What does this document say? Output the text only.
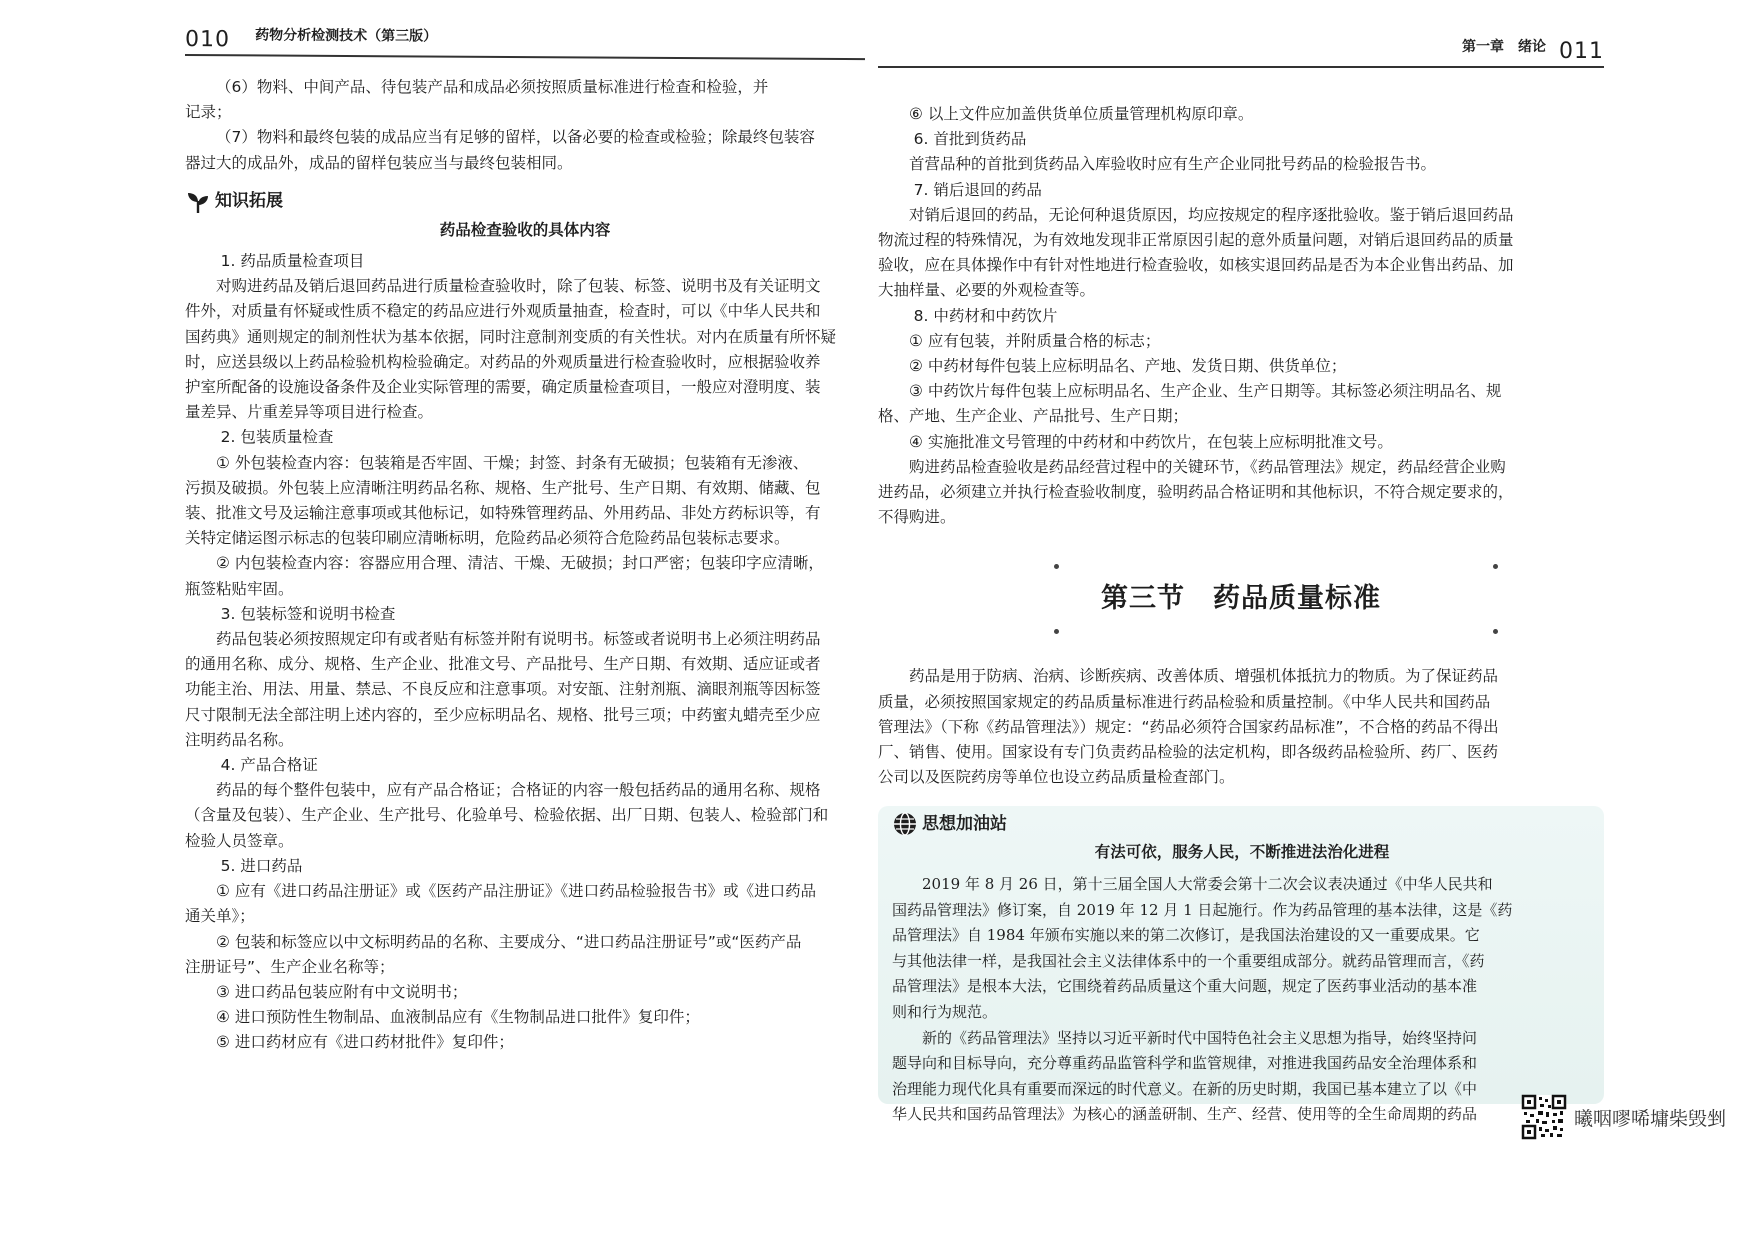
010 药物分析检测技术（第三版）

（6）物料、中间产品、待包装产品和成品必须按照质量标准进行检查和检验，并

记录；

（7）物料和最终包装的成品应当有足够的留样，以备必要的检查或检验；除最终包装容

器过大的成品外，成品的留样包装应当与最终包装相同。

知识拓展

药品检查验收的具体内容

1. 药品质量检查项目

对购进药品及销后退回药品进行质量检查验收时，除了包装、标签、说明书及有关证明文

件外，对质量有怀疑或性质不稳定的药品应进行外观质量抽查，检查时，可以《中华人民共和

国药典》通则规定的制剂性状为基本依据，同时注意制剂变质的有关性状。对内在质量有所怀疑

时，应送县级以上药品检验机构检验确定。对药品的外观质量进行检查验收时，应根据验收养

护室所配备的设施设备条件及企业实际管理的需要，确定质量检查项目，一般应对澄明度、装

量差异、片重差异等项目进行检查。

2. 包装质量检查

① 外包装检查内容：包装箱是否牢固、干燥；封签、封条有无破损；包装箱有无渗液、

污损及破损。外包装上应清晰注明药品名称、规格、生产批号、生产日期、有效期、储藏、包

装、批准文号及运输注意事项或其他标记，如特殊管理药品、外用药品、非处方药标识等，有

关特定储运图示标志的包装印刷应清晰标明，危险药品必须符合危险药品包装标志要求。

② 内包装检查内容：容器应用合理、清洁、干燥、无破损；封口严密；包装印字应清晰，

瓶签粘贴牢固。

3. 包装标签和说明书检查

药品包装必须按照规定印有或者贴有标签并附有说明书。标签或者说明书上必须注明药品

的通用名称、成分、规格、生产企业、批准文号、产品批号、生产日期、有效期、适应证或者

功能主治、用法、用量、禁忌、不良反应和注意事项。对安瓿、注射剂瓶、滴眼剂瓶等因标签

尺寸限制无法全部注明上述内容的，至少应标明品名、规格、批号三项；中药蜜丸蜡壳至少应

注明药品名称。

4. 产品合格证

药品的每个整件包装中，应有产品合格证；合格证的内容一般包括药品的通用名称、规格

（含量及包装）、生产企业、生产批号、化验单号、检验依据、出厂日期、包装人、检验部门和

检验人员签章。

5. 进口药品

① 应有《进口药品注册证》或《医药产品注册证》《进口药品检验报告书》或《进口药品

通关单》；

② 包装和标签应以中文标明药品的名称、主要成分、“进口药品注册证号”或“医药产品

注册证号”、生产企业名称等；

③ 进口药品包装应附有中文说明书；

④ 进口预防性生物制品、血液制品应有《生物制品进口批件》复印件；

⑤ 进口药材应有《进口药材批件》复印件；

第一章　绪论 011

⑥ 以上文件应加盖供货单位质量管理机构原印章。

6. 首批到货药品

首营品种的首批到货药品入库验收时应有生产企业同批号药品的检验报告书。

7. 销后退回的药品

对销后退回的药品，无论何种退货原因，均应按规定的程序逐批验收。鉴于销后退回药品

物流过程的特殊情况，为有效地发现非正常原因引起的意外质量问题，对销后退回药品的质量

验收，应在具体操作中有针对性地进行检查验收，如核实退回药品是否为本企业售出药品、加

大抽样量、必要的外观检查等。

8. 中药材和中药饮片

① 应有包装，并附质量合格的标志；

② 中药材每件包装上应标明品名、产地、发货日期、供货单位；

③ 中药饮片每件包装上应标明品名、生产企业、生产日期等。其标签必须注明品名、规

格、产地、生产企业、产品批号、生产日期；

④ 实施批准文号管理的中药材和中药饮片，在包装上应标明批准文号。

购进药品检查验收是药品经营过程中的关键环节，《药品管理法》规定，药品经营企业购

进药品，必须建立并执行检查验收制度，验明药品合格证明和其他标识，不符合规定要求的，

不得购进。

第三节　药品质量标准

药品是用于防病、治病、诊断疾病、改善体质、增强机体抵抗力的物质。为了保证药品

质量，必须按照国家规定的药品质量标准进行药品检验和质量控制。《中华人民共和国药品

管理法》（下称《药品管理法》）规定：“药品必须符合国家药品标准”，不合格的药品不得出

厂、销售、使用。国家设有专门负责药品检验的法定机构，即各级药品检验所、药厂、医药

公司以及医院药房等单位也设立药品质量检查部门。

思想加油站

有法可依，服务人民，不断推进法治化进程

2019 年 8 月 26 日，第十三届全国人大常委会第十二次会议表决通过《中华人民共和

国药品管理法》修订案，自 2019 年 12 月 1 日起施行。作为药品管理的基本法律，这是《药

品管理法》自 1984 年颁布实施以来的第二次修订，是我国法治建设的又一重要成果。它

与其他法律一样，是我国社会主义法律体系中的一个重要组成部分。就药品管理而言，《药

品管理法》是根本大法，它围绕着药品质量这个重大问题，规定了医药事业活动的基本准

则和行为规范。

新的《药品管理法》坚持以习近平新时代中国特色社会主义思想为指导，始终坚持问

题导向和目标导向，充分尊重药品监管科学和监管规律，对推进我国药品安全治理体系和

治理能力现代化具有重要而深远的时代意义。在新的历史时期，我国已基本建立了以《中

华人民共和国药品管理法》为核心的涵盖研制、生产、经营、使用等的全生命周期的药品	曦咽嘐唏墉柴毁剉
